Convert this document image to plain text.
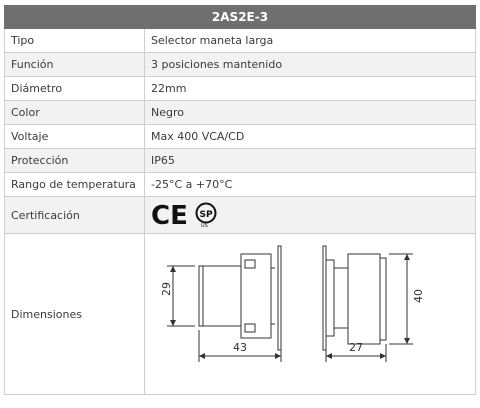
2AS2E-3	
Tipo	Selector maneta larga
Función	3 posiciones mantenido
Diámetro	22mm
Color	Negro
Voltaje	Max 400 VCA/CD
Protección	IP65
Rango de temperatura	-25°C a +70°C
Certificación	CE SP
US

Dimensiones	29
43 27
40
